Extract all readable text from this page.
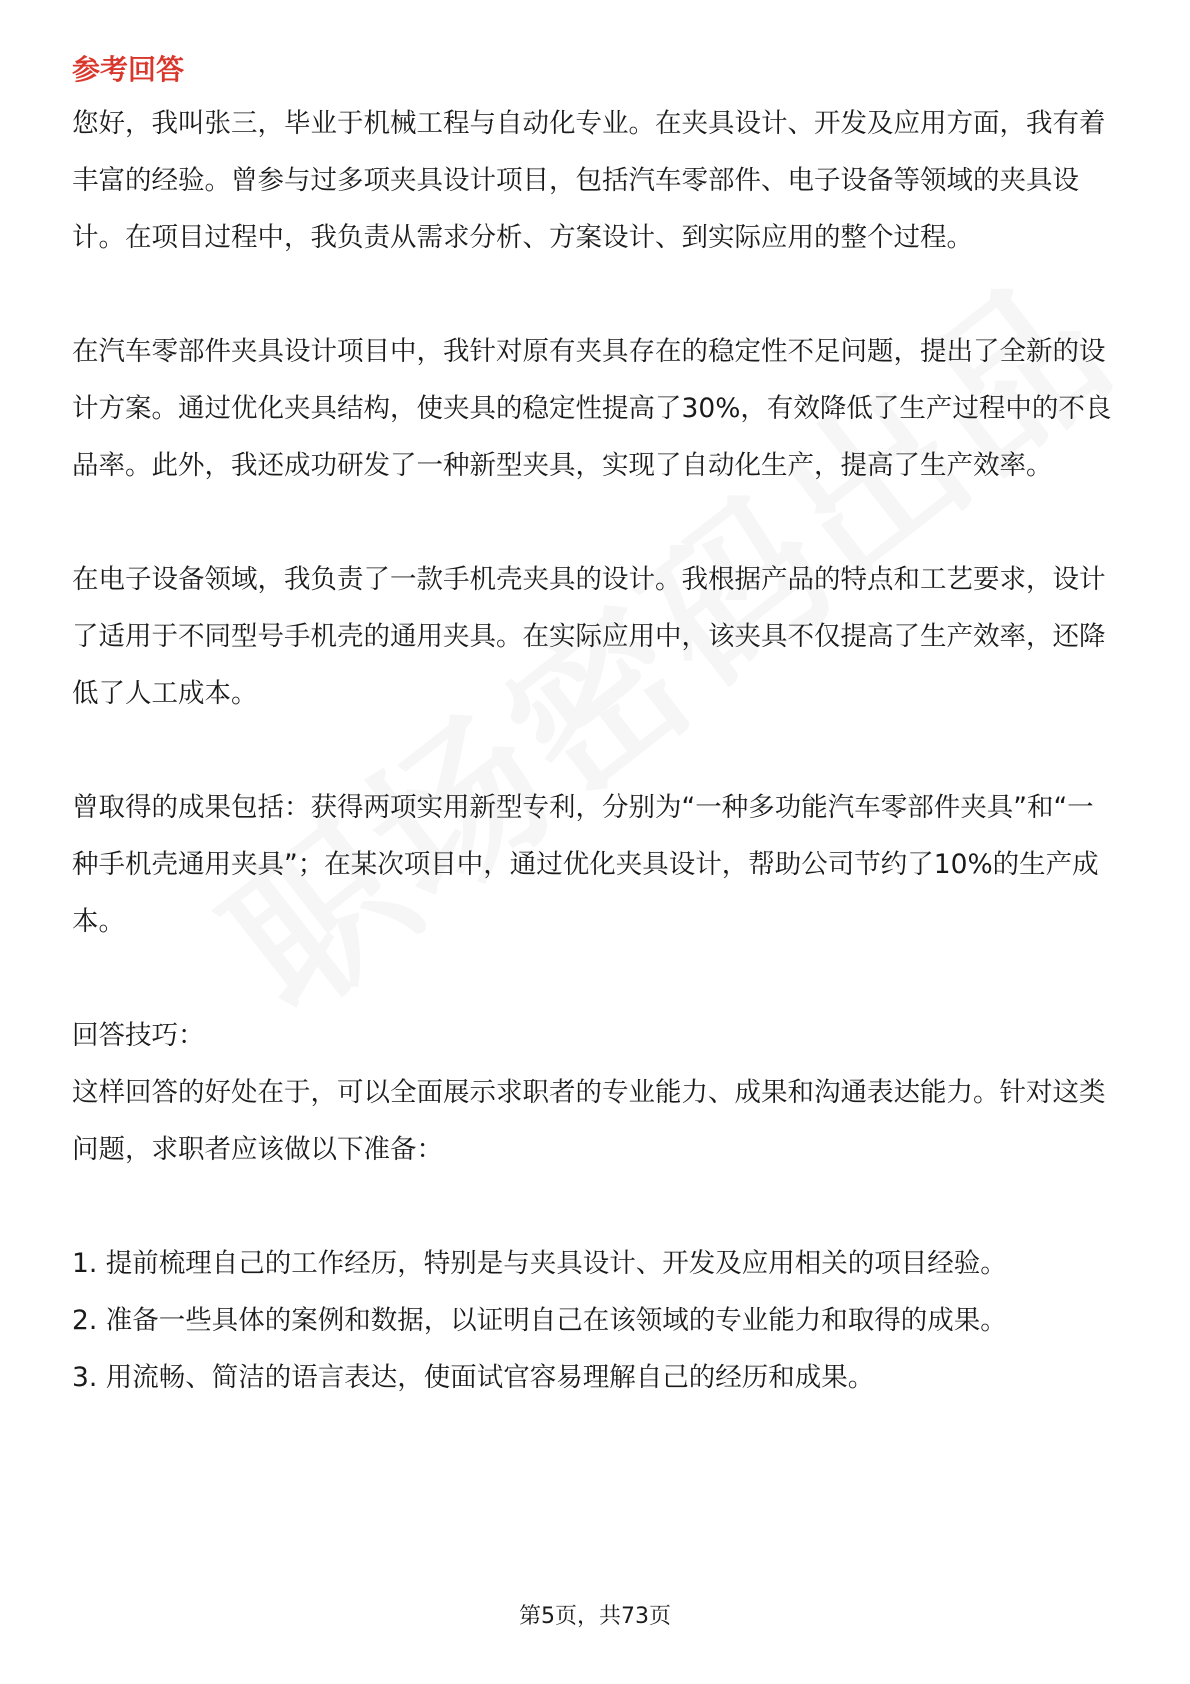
参考回答

您好，我叫张三，毕业于机械工程与自动化专业。在夹具设计、开发及应用方面，我有着丰富的经验。曾参与过多项夹具设计项目，包括汽车零部件、电子设备等领域的夹具设计。在项目过程中，我负责从需求分析、方案设计、到实际应用的整个过程。

在汽车零部件夹具设计项目中，我针对原有夹具存在的稳定性不足问题，提出了全新的设计方案。通过优化夹具结构，使夹具的稳定性提高了30%，有效降低了生产过程中的不良品率。此外，我还成功研发了一种新型夹具，实现了自动化生产，提高了生产效率。

在电子设备领域，我负责了一款手机壳夹具的设计。我根据产品的特点和工艺要求，设计了适用于不同型号手机壳的通用夹具。在实际应用中，该夹具不仅提高了生产效率，还降低了人工成本。

曾取得的成果包括：获得两项实用新型专利，分别为“一种多功能汽车零部件夹具”和“一种手机壳通用夹具”；在某次项目中，通过优化夹具设计，帮助公司节约了10%的生产成本。

回答技巧：

这样回答的好处在于，可以全面展示求职者的专业能力、成果和沟通表达能力。针对这类问题，求职者应该做以下准备：

1. 提前梳理自己的工作经历，特别是与夹具设计、开发及应用相关的项目经验。

2. 准备一些具体的案例和数据，以证明自己在该领域的专业能力和取得的成果。

3. 用流畅、简洁的语言表达，使面试官容易理解自己的经历和成果。

第5页，共73页
